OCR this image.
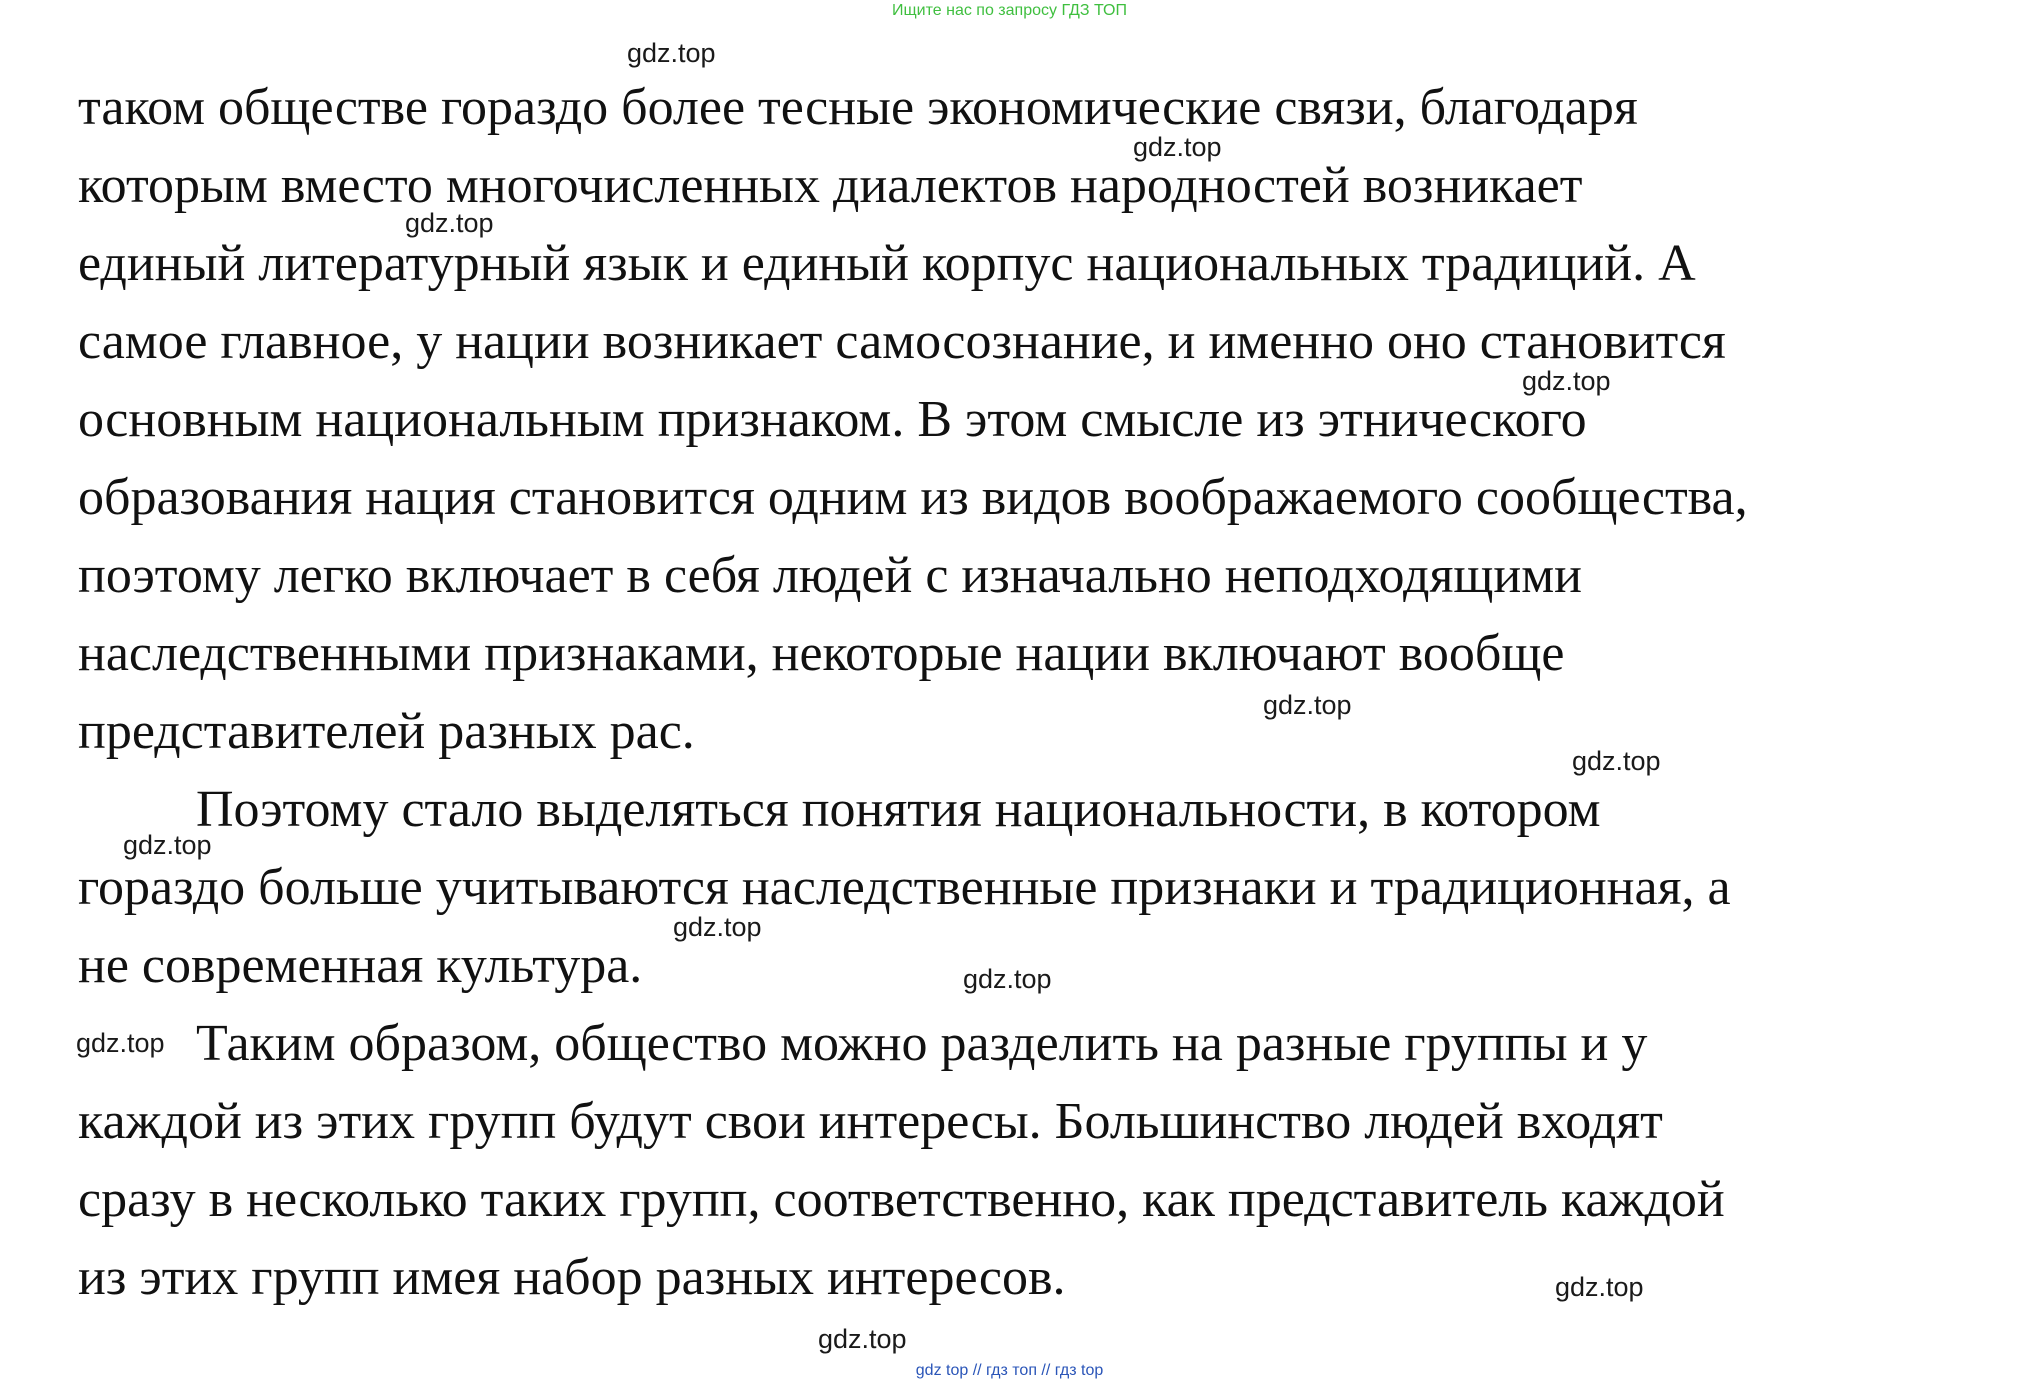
Ищите нас по запросу ГДЗ ТОП

таком обществе гораздо более тесные экономические связи, благодаря

которым вместо многочисленных диалектов народностей возникает

единый литературный язык и единый корпус национальных традиций. А

самое главное, у нации возникает самосознание, и именно оно становится

основным национальным признаком. В этом смысле из этнического

образования нация становится одним из видов воображаемого сообщества,

поэтому легко включает в себя людей с изначально неподходящими

наследственными признаками, некоторые нации включают вообще

представителей разных рас.

Поэтому стало выделяться понятия национальности, в котором

гораздо больше учитываются наследственные признаки и традиционная, а

не современная культура.

Таким образом, общество можно разделить на разные группы и у

каждой из этих групп будут свои интересы. Большинство людей входят

сразу в несколько таких групп, соответственно, как представитель каждой

из этих групп имея набор разных интересов.

gdz.top
gdz.top
gdz.top
gdz.top
gdz.top
gdz.top
gdz.top
gdz.top
gdz.top
gdz.top
gdz.top
gdz.top
gdz top // гдз топ // гдз top
